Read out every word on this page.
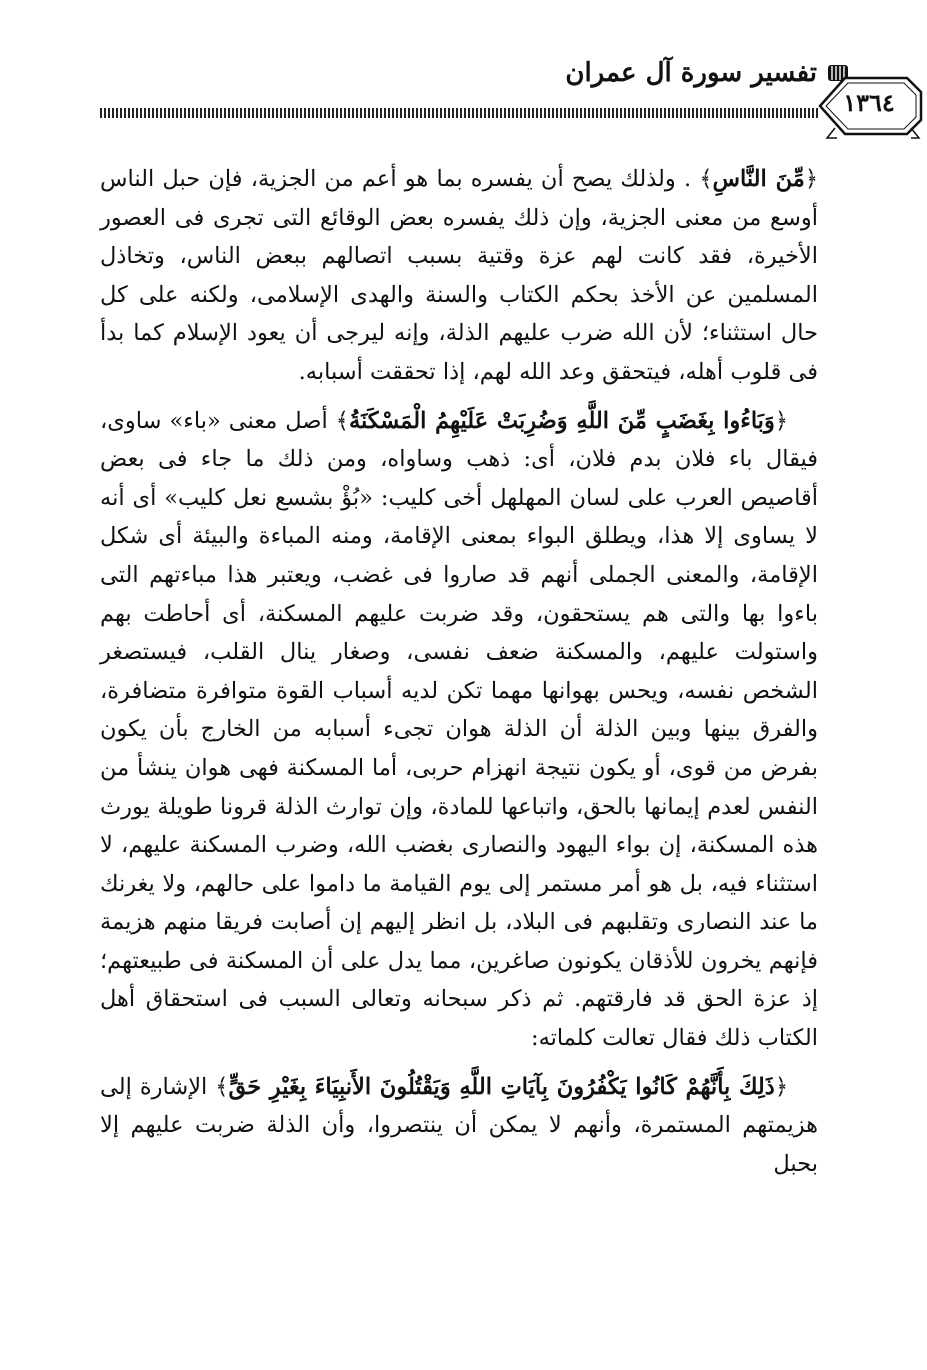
تفسير سورة آل عمران
١٣٦٤

﴿مِّنَ النَّاسِ﴾ . ولذلك يصح أن يفسره بما هو أعم من الجزية، فإن حبل الناس أوسع من معنى الجزية، وإن ذلك يفسره بعض الوقائع التى تجرى فى العصور الأخيرة، فقد كانت لهم عزة وقتية بسبب اتصالهم ببعض الناس، وتخاذل المسلمين عن الأخذ بحكم الكتاب والسنة والهدى الإسلامى، ولكنه على كل حال استثناء؛ لأن الله ضرب عليهم الذلة، وإنه ليرجى أن يعود الإسلام كما بدأ فى قلوب أهله، فيتحقق وعد الله لهم، إذا تحققت أسبابه.

﴿وَبَاءُوا بِغَضَبٍ مِّنَ اللَّهِ وَضُرِبَتْ عَلَيْهِمُ الْمَسْكَنَةُ﴾ أصل معنى «باء» ساوى، فيقال باء فلان بدم فلان، أى: ذهب وساواه، ومن ذلك ما جاء فى بعض أقاصيص العرب على لسان المهلهل أخى كليب: «بُؤْ بشسع نعل كليب» أى أنه لا يساوى إلا هذا، ويطلق البواء بمعنى الإقامة، ومنه المباءة والبيئة أى شكل الإقامة، والمعنى الجملى أنهم قد صاروا فى غضب، ويعتبر هذا مباءتهم التى باءوا بها والتى هم يستحقون، وقد ضربت عليهم المسكنة، أى أحاطت بهم واستولت عليهم، والمسكنة ضعف نفسى، وصغار ينال القلب، فيستصغر الشخص نفسه، ويحس بهوانها مهما تكن لديه أسباب القوة متوافرة متضافرة، والفرق بينها وبين الذلة أن الذلة هوان تجىء أسبابه من الخارج بأن يكون بفرض من قوى، أو يكون نتيجة انهزام حربى، أما المسكنة فهى هوان ينشأ من النفس لعدم إيمانها بالحق، واتباعها للمادة، وإن توارث الذلة قرونا طويلة يورث هذه المسكنة، إن بواء اليهود والنصارى بغضب الله، وضرب المسكنة عليهم، لا استثناء فيه، بل هو أمر مستمر إلى يوم القيامة ما داموا على حالهم، ولا يغرنك ما عند النصارى وتقلبهم فى البلاد، بل انظر إليهم إن أصابت فريقا منهم هزيمة فإنهم يخرون للأذقان يكونون صاغرين، مما يدل على أن المسكنة فى طبيعتهم؛ إذ عزة الحق قد فارقتهم. ثم ذكر سبحانه وتعالى السبب فى استحقاق أهل الكتاب ذلك فقال تعالت كلماته:

﴿ذَلِكَ بِأَنَّهُمْ كَانُوا يَكْفُرُونَ بِآيَاتِ اللَّهِ وَيَقْتُلُونَ الأَنبِيَاءَ بِغَيْرِ حَقٍّ﴾ الإشارة إلى هزيمتهم المستمرة، وأنهم لا يمكن أن ينتصروا، وأن الذلة ضربت عليهم إلا بحبل
